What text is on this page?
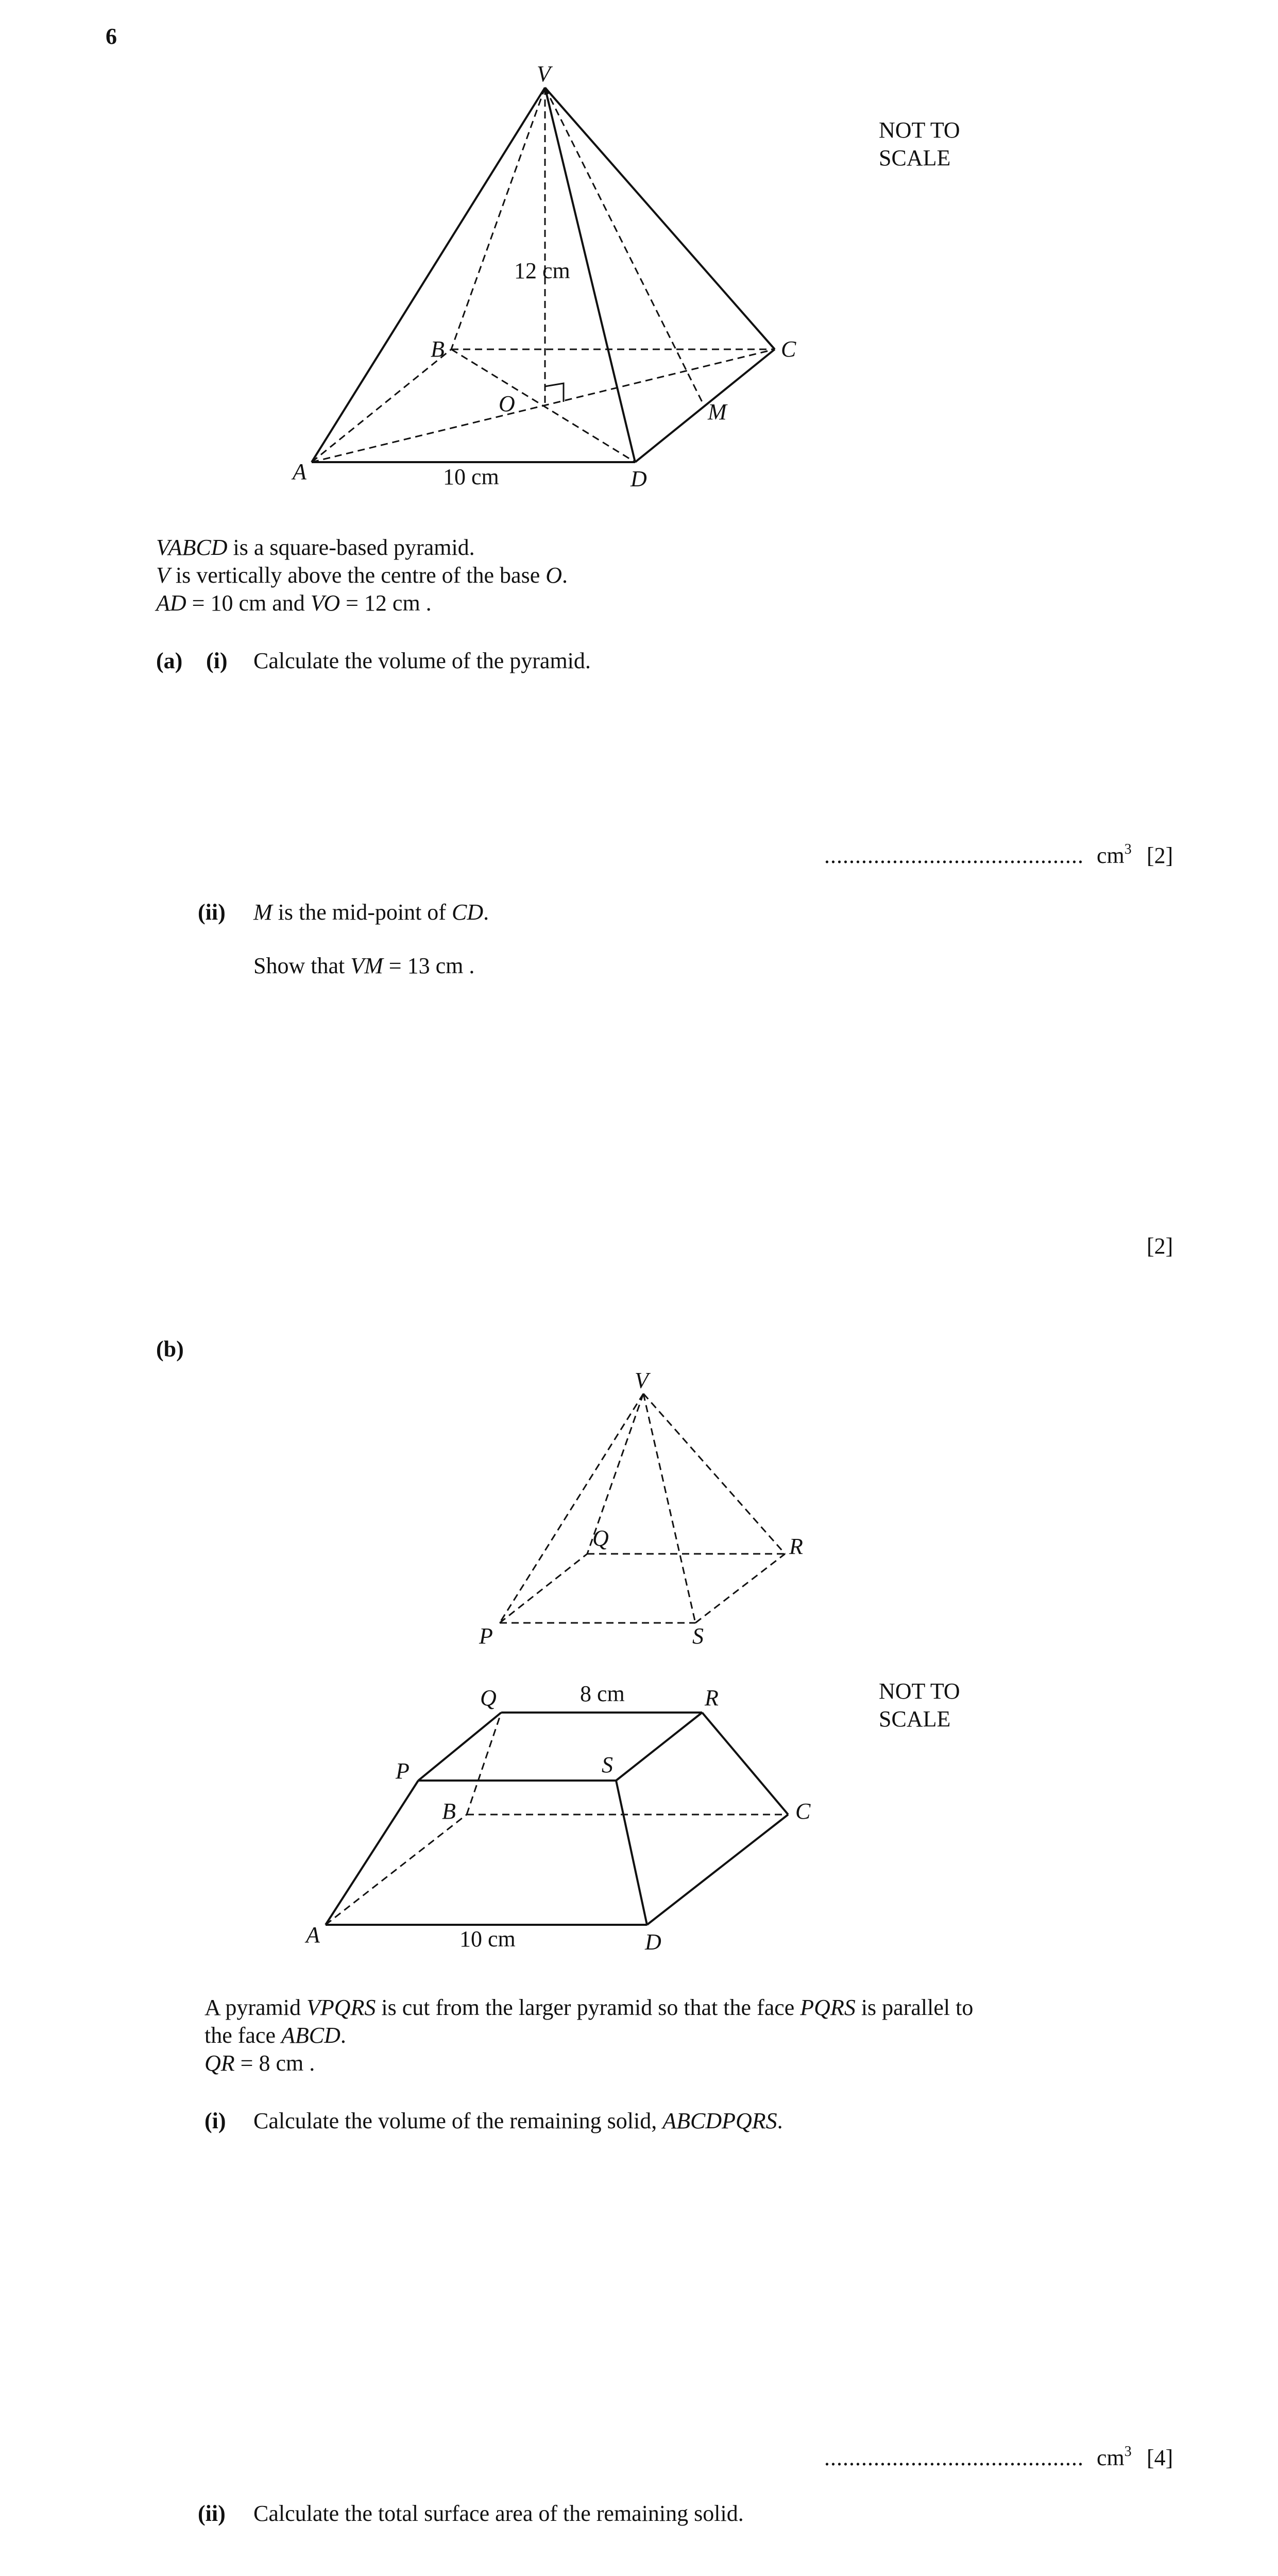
6
NOT TO
SCALE
V
A
B	C
D
O	M
12 cm
10 cm
VABCD is a square-based pyramid.
V is vertically above the centre of the base O.
AD = 10 cm and VO = 12 cm .
(a) (i) Calculate the volume of the pyramid.
.......................................... $cm^3$ [2]
(ii) M is the mid-point of CD.
Show that VM = 13 cm .
[2]
(b)
V
Q	R
P	S
NOT TO
SCALE
Q	R
P	S
B	C
A	D
8 cm
10 cm
A pyramid VPQRS is cut from the larger pyramid so that the face PQRS is parallel to
the face ABCD.
QR = 8 cm .
(i) Calculate the volume of the remaining solid, ABCDPQRS.
.......................................... $cm^3$ [4]
(ii) Calculate the total surface area of the remaining solid.
